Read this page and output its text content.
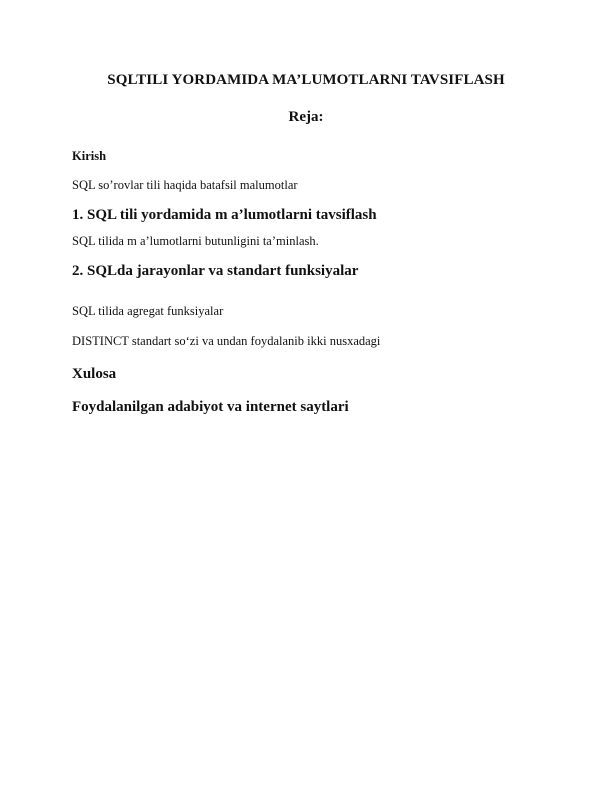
SQLTILI YORDAMIDA MA’LUMOTLARNI TAVSIFLASH
Reja:
Kirish
SQL so’rovlar tili haqida batafsil malumotlar
1. SQL tili yordamida m a’lumotlarni tavsiflash
SQL tilida m a’lumotlarni butunligini ta’minlash.
2. SQLda jarayonlar va standart funksiyalar
SQL tilida agregat funksiyalar
DISTINCT standart so‘zi va undan foydalanib ikki nusxadagi
Xulosa
Foydalanilgan adabiyot va internet saytlari
